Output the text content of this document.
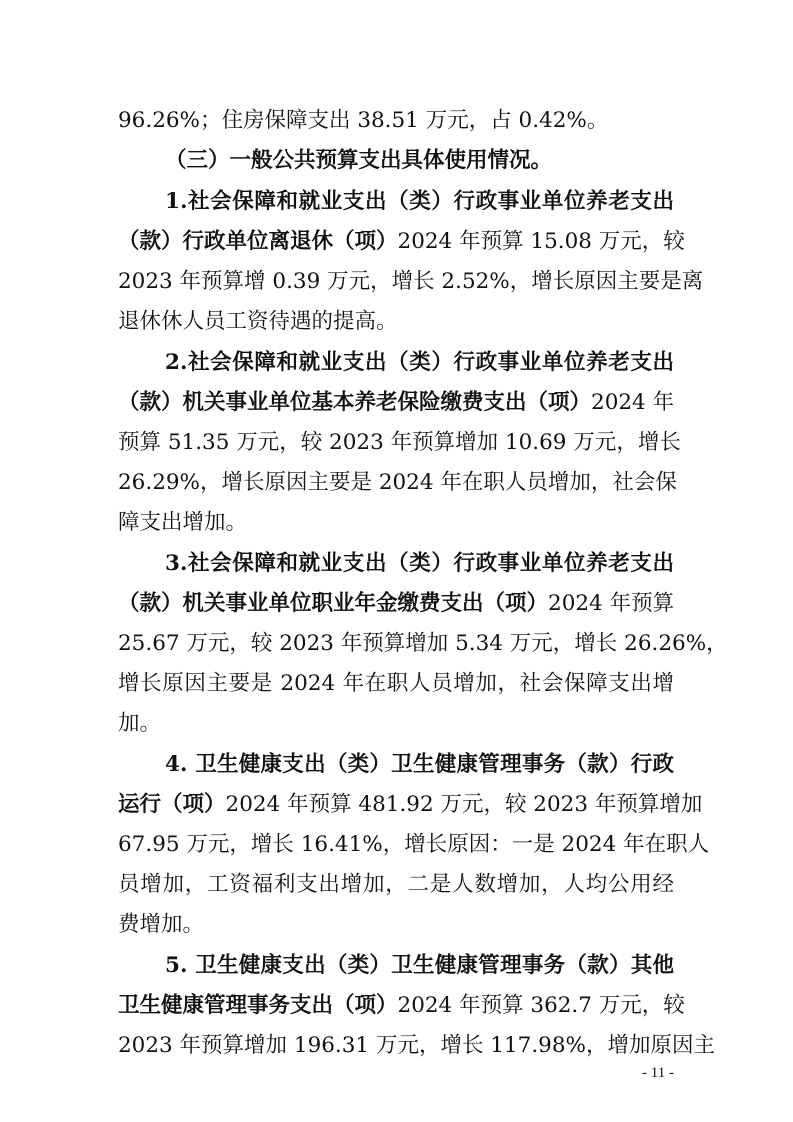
96.26%；住房保障支出 38.51 万元，占 0.42%。
（三）一般公共预算支出具体使用情况。
1.社会保障和就业支出（类）行政事业单位养老支出
（款）行政单位离退休（项）2024 年预算 15.08 万元，较
2023 年预算增 0.39 万元，增长 2.52%，增长原因主要是离
退休休人员工资待遇的提高。
2.社会保障和就业支出（类）行政事业单位养老支出
（款）机关事业单位基本养老保险缴费支出（项）2024 年
预算 51.35 万元，较 2023 年预算增加 10.69 万元，增长
26.29%，增长原因主要是 2024 年在职人员增加，社会保
障支出增加。
3.社会保障和就业支出（类）行政事业单位养老支出
（款）机关事业单位职业年金缴费支出（项）2024 年预算
25.67 万元，较 2023 年预算增加 5.34 万元，增长 26.26%，
增长原因主要是 2024 年在职人员增加，社会保障支出增
加。
4. 卫生健康支出（类）卫生健康管理事务（款）行政
运行（项）2024 年预算 481.92 万元，较 2023 年预算增加
67.95 万元，增长 16.41%，增长原因：一是 2024 年在职人
员增加，工资福利支出增加，二是人数增加，人均公用经
费增加。
5. 卫生健康支出（类）卫生健康管理事务（款）其他
卫生健康管理事务支出（项）2024 年预算 362.7 万元，较
2023 年预算增加 196.31 万元，增长 117.98%，增加原因主
- 11 -
